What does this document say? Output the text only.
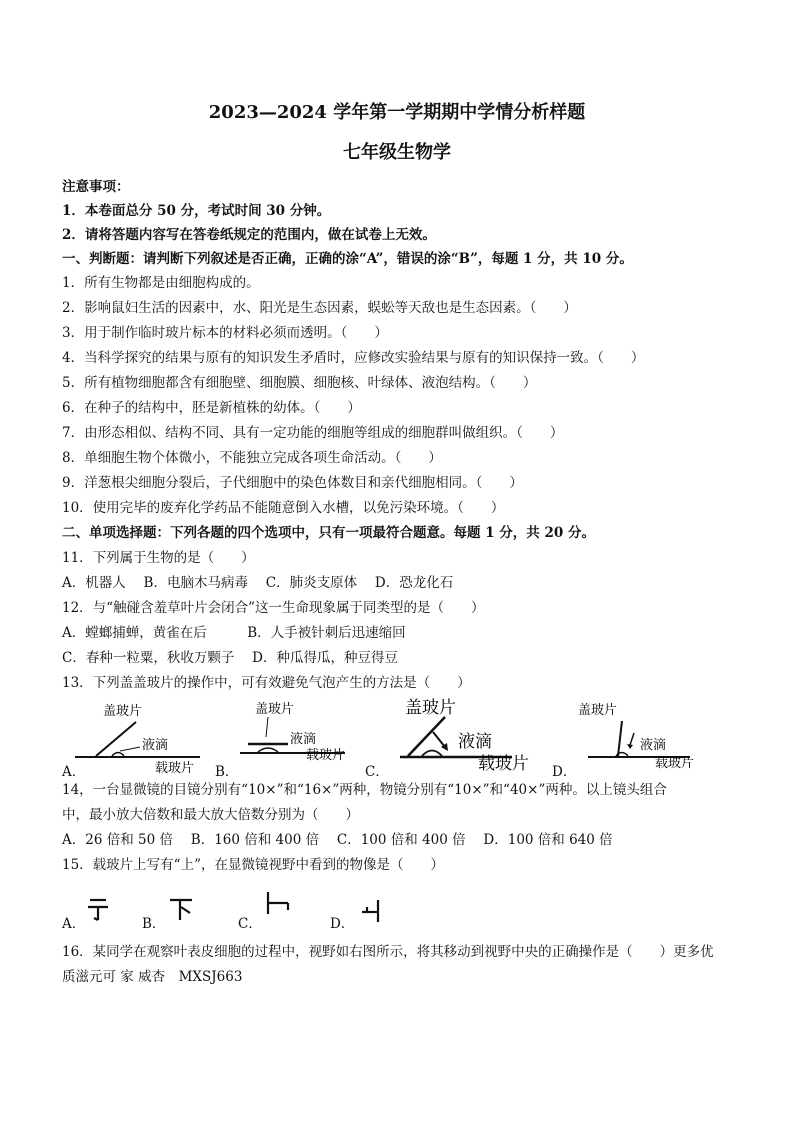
2023—2024 学年第一学期期中学情分析样题
七年级生物学
注意事项：
1．本卷面总分 50 分，考试时间 30 分钟。
2．请将答题内容写在答卷纸规定的范围内，做在试卷上无效。
一、判断题：请判断下列叙述是否正确，正确的涂“A”，错误的涂“B”，每题 1 分，共 10 分。
1．所有生物都是由细胞构成的。
2．影响鼠妇生活的因素中，水、阳光是生态因素，蜈蚣等天敌也是生态因素。（　　）
3．用于制作临时玻片标本的材料必须而透明。（　　）
4．当科学探究的结果与原有的知识发生矛盾时，应修改实验结果与原有的知识保持一致。（　　）
5．所有植物细胞都含有细胞壁、细胞膜、细胞核、叶绿体、液泡结构。（　　）
6．在种子的结构中，胚是新植株的幼体。（　　）
7．由形态相似、结构不同、具有一定功能的细胞等组成的细胞群叫做组织。（　　）
8．单细胞生物个体微小，不能独立完成各项生命活动。（　　）
9．洋葱根尖细胞分裂后，子代细胞中的染色体数目和亲代细胞相同。（　　）
10．使用完毕的废弃化学药品不能随意倒入水槽，以免污染环境。（　　）
二、单项选择题：下列各题的四个选项中，只有一项最符合题意。每题 1 分，共 20 分。
11．下列属于生物的是（　　）
A．机器人　 B．电脑木马病毒　 C．肺炎支原体　 D．恐龙化石
12．与“触碰含羞草叶片会闭合”这一生命现象属于同类型的是（　　）
A．螳螂捕蝉，黄雀在后　　　B．人手被针刺后迅速缩回
C．春种一粒粟，秋收万颗子　 D．种瓜得瓜，种豆得豆
13．下列盖盖玻片的操作中，可有效避免气泡产生的方法是（　　）
盖玻片
液滴
载玻片
盖玻片
液滴
载玻片
盖玻片
液滴
载玻片
盖玻片
液滴
载玻片
A．	B．	C．	D．
14，一台显微镜的目镜分别有“10×”和“16×”两种，物镜分别有“10×”和“40×”两种。以上镜头组合
中，最小放大倍数和最大放大倍数分别为（　　）
A．26 倍和 50 倍　 B．160 倍和 400 倍　 C．100 倍和 400 倍　 D．100 倍和 640 倍
15．载玻片上写有“上”，在显微镜视野中看到的物像是（　　）
A．	B．	C．	D．
16．某同学在观察叶表皮细胞的过程中，视野如右图所示，将其移动到视野中央的正确操作是（　　）更多优
质滋元可 家 威杏　MXSJ663
